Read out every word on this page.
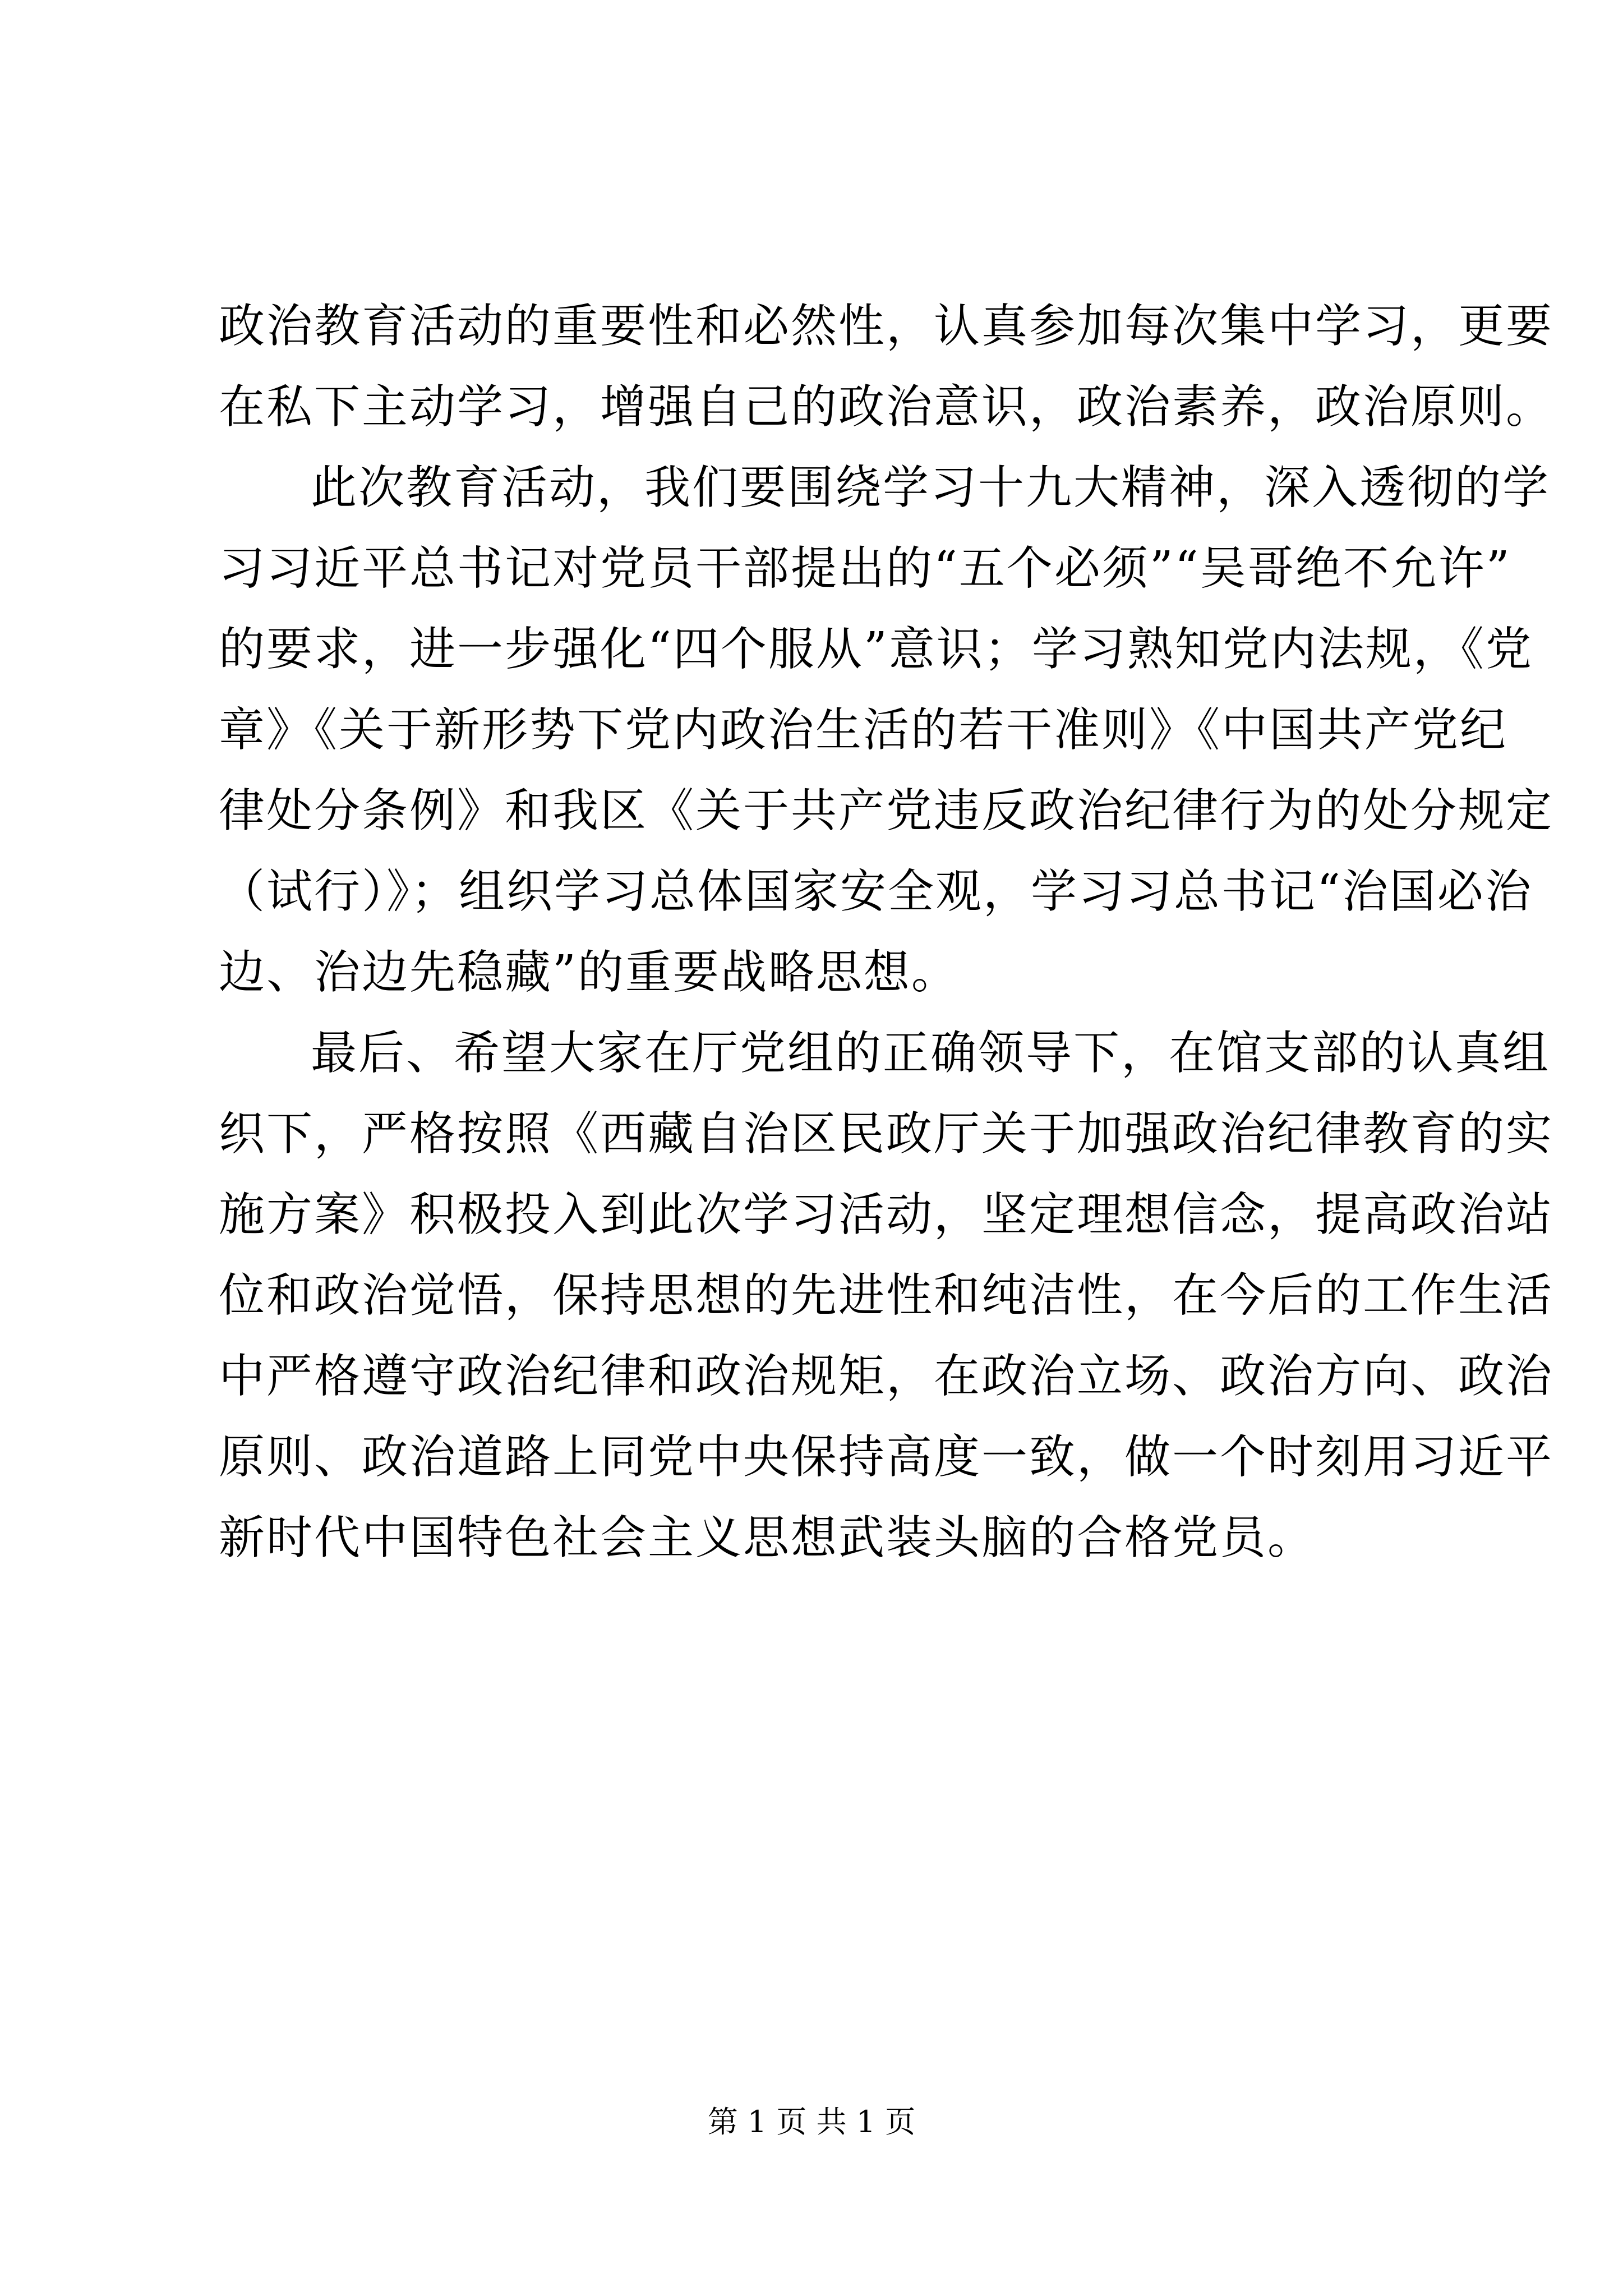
政治教育活动的重要性和必然性，认真参加每次集中学习，更要
在私下主动学习，增强自己的政治意识，政治素养，政治原则。
此次教育活动，我们要围绕学习十九大精神，深入透彻的学
习习近平总书记对党员干部提出的“五个必须”“吴哥绝不允许”
的要求，进一步强化“四个服从”意识；学习熟知党内法规，《党
章》《关于新形势下党内政治生活的若干准则》《中国共产党纪
律处分条例》和我区《关于共产党违反政治纪律行为的处分规定
（试行）》；组织学习总体国家安全观，学习习总书记“治国必治
边、治边先稳藏”的重要战略思想。
最后、希望大家在厅党组的正确领导下，在馆支部的认真组
织下，严格按照《西藏自治区民政厅关于加强政治纪律教育的实
施方案》积极投入到此次学习活动，坚定理想信念，提高政治站
位和政治觉悟，保持思想的先进性和纯洁性，在今后的工作生活
中严格遵守政治纪律和政治规矩，在政治立场、政治方向、政治
原则、政治道路上同党中央保持高度一致，做一个时刻用习近平
新时代中国特色社会主义思想武装头脑的合格党员。
第 1 页 共 1 页
